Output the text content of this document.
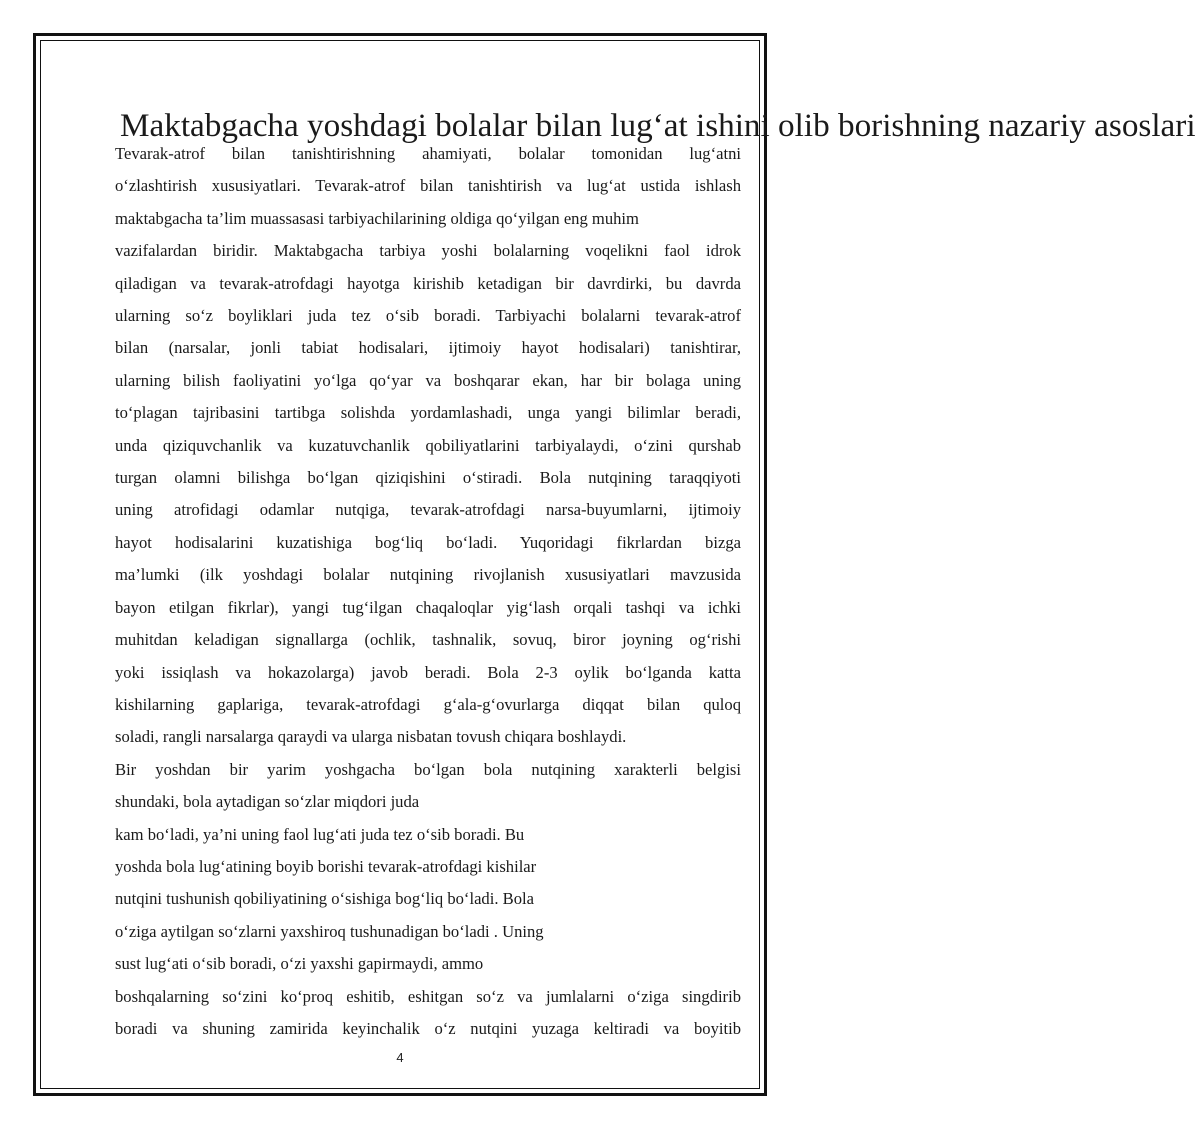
Maktabgacha yoshdagi bolalar bilan lug‘at ishini olib borishning nazariy asoslari

Tevarak-atrof bilan tanishtirishning ahamiyati, bolalar tomonidan lug‘atni
o‘zlashtirish xususiyatlari. Tevarak-atrof bilan tanishtirish va lug‘at ustida ishlash
maktabgacha ta’lim muassasasi tarbiyachilarining oldiga qo‘yilgan eng muhim
vazifalardan biridir. Maktabgacha tarbiya yoshi bolalarning voqelikni faol idrok
qiladigan va tevarak-atrofdagi hayotga kirishib ketadigan bir davrdirki, bu davrda
ularning so‘z boyliklari juda tez o‘sib boradi. Tarbiyachi bolalarni tevarak-atrof
bilan (narsalar, jonli tabiat hodisalari, ijtimoiy hayot hodisalari) tanishtirar,
ularning bilish faoliyatini yo‘lga qo‘yar va boshqarar ekan, har bir bolaga uning
to‘plagan tajribasini tartibga solishda yordamlashadi, unga yangi bilimlar beradi,
unda qiziquvchanlik va kuzatuvchanlik qobiliyatlarini tarbiyalaydi, o‘zini qurshab
turgan olamni bilishga bo‘lgan qiziqishini o‘stiradi. Bola nutqining taraqqiyoti
uning atrofidagi odamlar nutqiga, tevarak-atrofdagi narsa-buyumlarni, ijtimoiy
hayot hodisalarini kuzatishiga bog‘liq bo‘ladi. Yuqoridagi fikrlardan bizga
ma’lumki (ilk yoshdagi bolalar nutqining rivojlanish xususiyatlari mavzusida
bayon etilgan fikrlar), yangi tug‘ilgan chaqaloqlar yig‘lash orqali tashqi va ichki
muhitdan keladigan signallarga (ochlik, tashnalik, sovuq, biror joyning og‘rishi
yoki issiqlash va hokazolarga) javob beradi. Bola 2-3 oylik bo‘lganda katta
kishilarning gaplariga, tevarak-atrofdagi g‘ala-g‘ovurlarga diqqat bilan quloq
soladi, rangli narsalarga qaraydi va ularga nisbatan tovush chiqara boshlaydi.

Bir yoshdan bir yarim yoshgacha bo‘lgan bola nutqining xarakterli belgisi
shundaki, bola aytadigan so‘zlar miqdori juda
kam bo‘ladi, ya’ni uning faol lug‘ati juda tez o‘sib boradi. Bu
yoshda bola lug‘atining boyib borishi tevarak-atrofdagi kishilar
nutqini tushunish qobiliyatining o‘sishiga bog‘liq bo‘ladi. Bola
o‘ziga aytilgan so‘zlarni yaxshiroq tushunadigan bo‘ladi . Uning
sust lug‘ati o‘sib boradi, o‘zi yaxshi gapirmaydi, ammo
boshqalarning so‘zini ko‘proq eshitib, eshitgan so‘z va jumlalarni o‘ziga singdirib
boradi va shuning zamirida keyinchalik o‘z nutqini yuzaga keltiradi va boyitib

4
